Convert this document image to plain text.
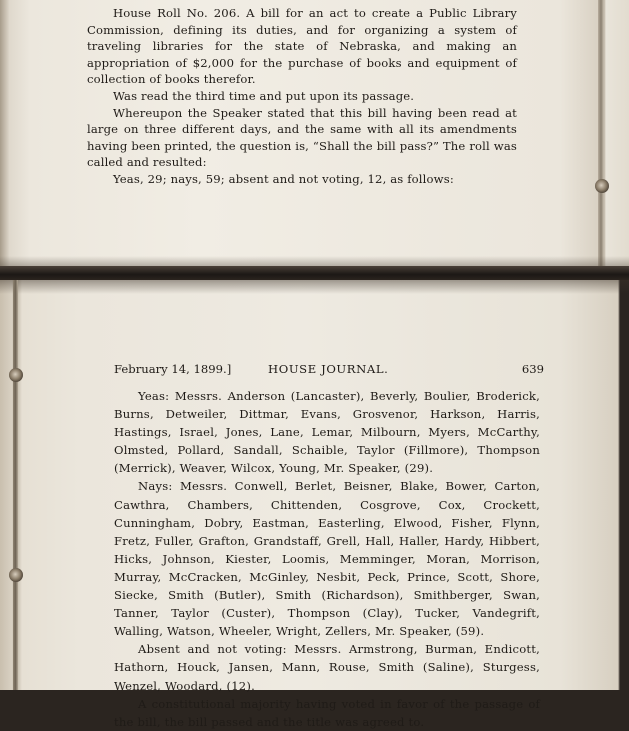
House Roll No. 206. A bill for an act to create a Public Library Commission, defining its duties, and for organizing a system of traveling libraries for the state of Nebraska, and making an appropriation of $2,000 for the purchase of books and equipment of collection of books therefor.

Was read the third time and put upon its passage.

Whereupon the Speaker stated that this bill having been read at large on three different days, and the same with all its amendments having been printed, the question is, “Shall the bill pass?” The roll was called and resulted:

Yeas, 29; nays, 59; absent and not voting, 12, as follows:

February 14, 1899.]	HOUSE JOURNAL.	639

Yeas: Messrs. Anderson (Lancaster), Beverly, Boulier, Broderick, Burns, Detweiler, Dittmar, Evans, Grosvenor, Harkson, Harris, Hastings, Israel, Jones, Lane, Lemar, Milbourn, Myers, McCarthy, Olmsted, Pollard, Sandall, Schaible, Taylor (Fillmore), Thompson (Merrick), Weaver, Wilcox, Young, Mr. Speaker, (29).

Nays: Messrs. Conwell, Berlet, Beisner, Blake, Bower, Carton, Cawthra, Chambers, Chittenden, Cosgrove, Cox, Crockett, Cunningham, Dobry, Eastman, Easterling, Elwood, Fisher, Flynn, Fretz, Fuller, Grafton, Grandstaff, Grell, Hall, Haller, Hardy, Hibbert, Hicks, Johnson, Kiester, Loomis, Memminger, Moran, Morrison, Murray, McCracken, McGinley, Nesbit, Peck, Prince, Scott, Shore, Siecke, Smith (Butler), Smith (Richardson), Smithberger, Swan, Tanner, Taylor (Custer), Thompson (Clay), Tucker, Vandegrift, Walling, Watson, Wheeler, Wright, Zellers, Mr. Speaker, (59).

Absent and not voting: Messrs. Armstrong, Burman, Endicott, Hathorn, Houck, Jansen, Mann, Rouse, Smith (Saline), Sturgess, Wenzel, Woodard, (12).

A constitutional majority having voted in favor of the passage of the bill, the bill passed and the title was agreed to.
